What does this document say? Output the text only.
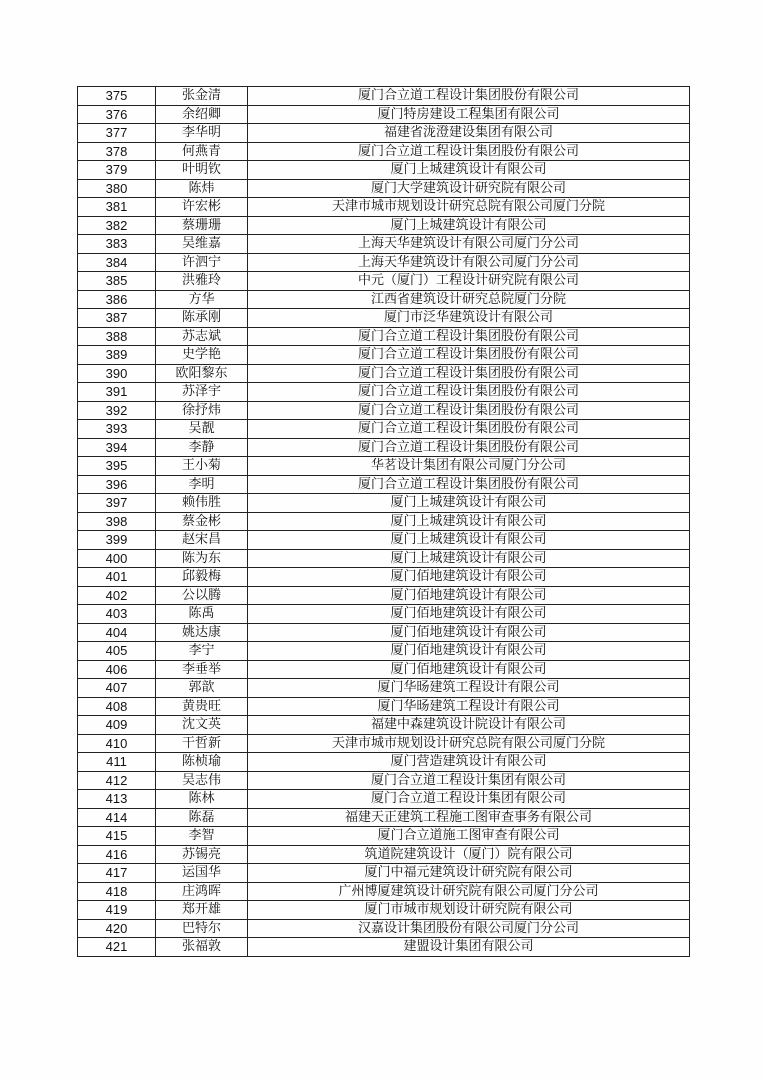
375	张金清	厦门合立道工程设计集团股份有限公司
376	余绍卿	厦门特房建设工程集团有限公司
377	李华明	福建省泷澄建设集团有限公司
378	何燕青	厦门合立道工程设计集团股份有限公司
379	叶明钦	厦门上城建筑设计有限公司
380	陈炜	厦门大学建筑设计研究院有限公司
381	许宏彬	天津市城市规划设计研究总院有限公司厦门分院
382	蔡珊珊	厦门上城建筑设计有限公司
383	吴维嘉	上海天华建筑设计有限公司厦门分公司
384	许泗宁	上海天华建筑设计有限公司厦门分公司
385	洪雅玲	中元（厦门）工程设计研究院有限公司
386	方华	江西省建筑设计研究总院厦门分院
387	陈承刚	厦门市泛华建筑设计有限公司
388	苏志斌	厦门合立道工程设计集团股份有限公司
389	史学艳	厦门合立道工程设计集团股份有限公司
390	欧阳黎东	厦门合立道工程设计集团股份有限公司
391	苏泽宇	厦门合立道工程设计集团股份有限公司
392	徐抒炜	厦门合立道工程设计集团股份有限公司
393	吴靓	厦门合立道工程设计集团股份有限公司
394	李静	厦门合立道工程设计集团股份有限公司
395	王小菊	华茗设计集团有限公司厦门分公司
396	李明	厦门合立道工程设计集团股份有限公司
397	赖伟胜	厦门上城建筑设计有限公司
398	蔡金彬	厦门上城建筑设计有限公司
399	赵宋昌	厦门上城建筑设计有限公司
400	陈为东	厦门上城建筑设计有限公司
401	邱毅梅	厦门佰地建筑设计有限公司
402	公以腾	厦门佰地建筑设计有限公司
403	陈禹	厦门佰地建筑设计有限公司
404	姚达康	厦门佰地建筑设计有限公司
405	李宁	厦门佰地建筑设计有限公司
406	李垂举	厦门佰地建筑设计有限公司
407	郭歆	厦门华旸建筑工程设计有限公司
408	黄贵旺	厦门华旸建筑工程设计有限公司
409	沈文英	福建中森建筑设计院设计有限公司
410	干哲新	天津市城市规划设计研究总院有限公司厦门分院
411	陈桢瑜	厦门营造建筑设计有限公司
412	吴志伟	厦门合立道工程设计集团有限公司
413	陈林	厦门合立道工程设计集团有限公司
414	陈磊	福建天正建筑工程施工图审查事务有限公司
415	李智	厦门合立道施工图审查有限公司
416	苏锡亮	筑道院建筑设计（厦门）院有限公司
417	运国华	厦门中福元建筑设计研究院有限公司
418	庄鸿晖	广州博厦建筑设计研究院有限公司厦门分公司
419	郑开雄	厦门市城市规划设计研究院有限公司
420	巴特尔	汉嘉设计集团股份有限公司厦门分公司
421	张福敦	建盟设计集团有限公司
